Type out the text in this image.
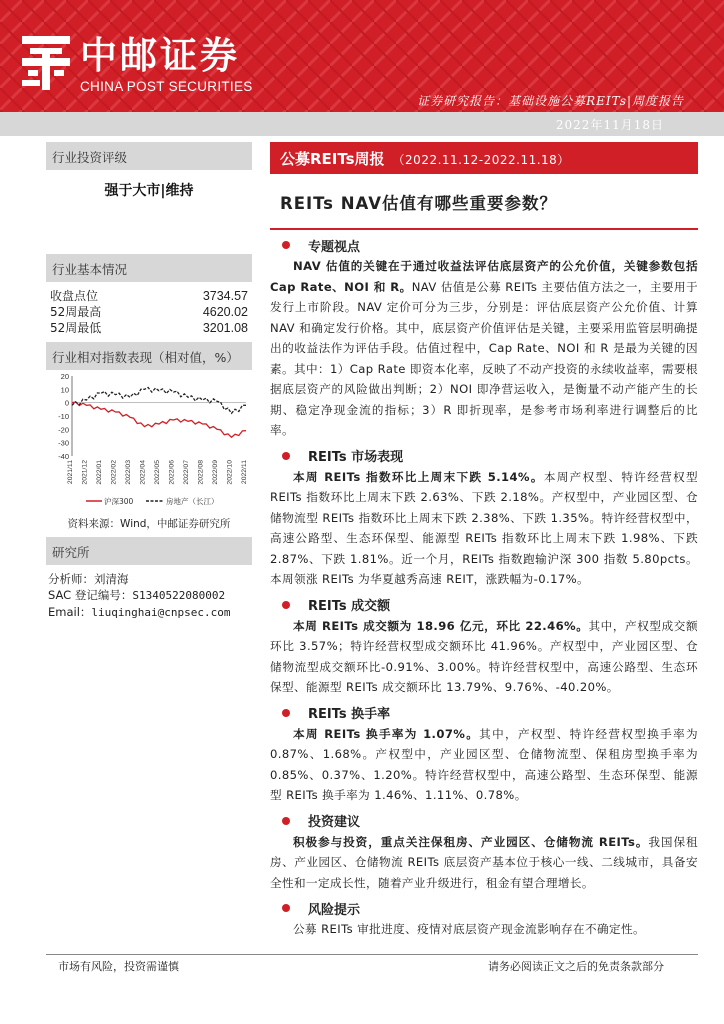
中邮证券
CHINA POST SECURITIES
证券研究报告：基础设施公募REITs|周度报告
2022年11月18日
行业投资评级
强于大市|维持
行业基本情况
收盘点位	3734.57
52周最高	4620.02
52周最低	3201.08
行业相对指数表现（相对值，%）
20
10
0
-10
-20
-30
-40
2021/11 2021/12 2022/01 2022/02 2022/03 2022/04 2022/05 2022/06 2022/07 2022/08 2022/09 2022/10 2022/11
沪深300	房地产（长江）
资料来源：Wind，中邮证券研究所
研究所
分析师：刘清海
SAC 登记编号：S1340522080002
Email：liuqinghai@cnpsec.com
公募REITs周报 （2022.11.12-2022.11.18）
REITs NAV估值有哪些重要参数？
专题视点
NAV 估值的关键在于通过收益法评估底层资产的公允价值，关键参数包括 Cap Rate、NOI 和 R。NAV 估值是公募 REITs 主要估值方法之一，主要用于发行上市阶段。NAV 定价可分为三步，分别是：评估底层资产公允价值、计算 NAV 和确定发行价格。其中，底层资产价值评估是关键，主要采用监管层明确提出的收益法作为评估手段。估值过程中，Cap Rate、NOI 和 R 是最为关键的因素。其中：1）Cap Rate 即资本化率，反映了不动产投资的永续收益率，需要根据底层资产的风险做出判断；2）NOI 即净营运收入，是衡量不动产能产生的长期、稳定净现金流的指标；3）R 即折现率，是参考市场利率进行调整后的比率。
REITs 市场表现
本周 REITs 指数环比上周末下跌 5.14%。本周产权型、特许经营权型 REITs 指数环比上周末下跌 2.63%、下跌 2.18%。产权型中，产业园区型、仓储物流型 REITs 指数环比上周末下跌 2.38%、下跌 1.35%。特许经营权型中，高速公路型、生态环保型、能源型 REITs 指数环比上周末下跌 1.98%、下跌 2.87%、下跌 1.81%。近一个月，REITs 指数跑输沪深 300 指数 5.80pcts。本周领涨 REITs 为华夏越秀高速 REIT，涨跌幅为-0.17%。
REITs 成交额
本周 REITs 成交额为 18.96 亿元，环比 22.46%。其中，产权型成交额环比 3.57%；特许经营权型成交额环比 41.96%。产权型中，产业园区型、仓储物流型成交额环比-0.91%、3.00%。特许经营权型中，高速公路型、生态环保型、能源型 REITs 成交额环比 13.79%、9.76%、-40.20%。
REITs 换手率
本周 REITs 换手率为 1.07%。其中，产权型、特许经营权型换手率为 0.87%、1.68%。产权型中，产业园区型、仓储物流型、保租房型换手率为 0.85%、0.37%、1.20%。特许经营权型中，高速公路型、生态环保型、能源型 REITs 换手率为 1.46%、1.11%、0.78%。
投资建议
积极参与投资，重点关注保租房、产业园区、仓储物流 REITs。我国保租房、产业园区、仓储物流 REITs 底层资产基本位于核心一线、二线城市，具备安全性和一定成长性，随着产业升级进行，租金有望合理增长。
风险提示
公募 REITs 审批进度、疫情对底层资产现金流影响存在不确定性。
市场有风险，投资需谨慎	请务必阅读正文之后的免责条款部分
